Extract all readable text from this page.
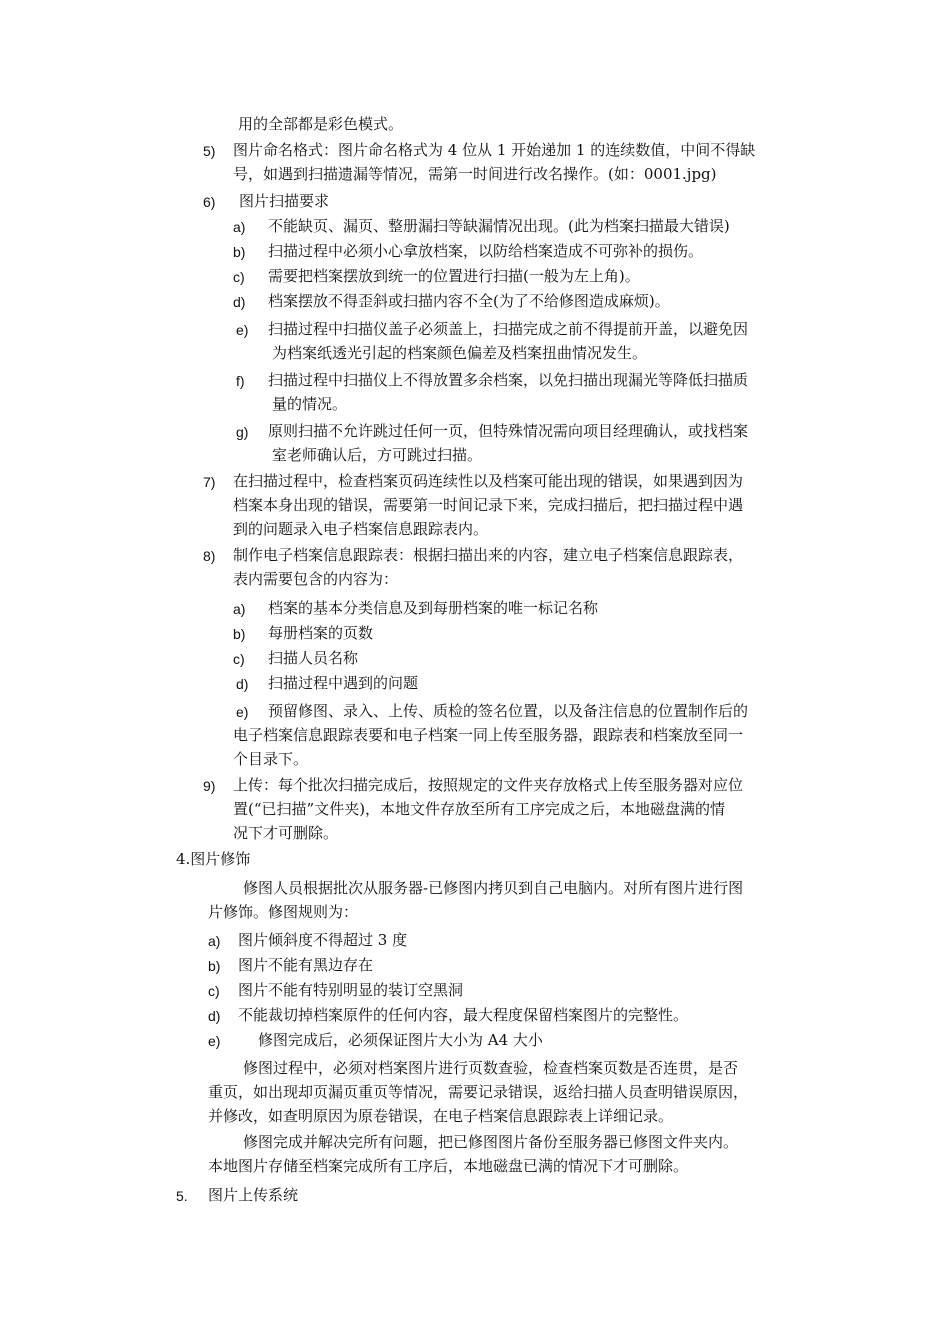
用的全部都是彩色模式。
5) 图片命名格式：图片命名格式为 4 位从 1 开始递加 1 的连续数值，中间不得缺
号，如遇到扫描遗漏等情况，需第一时间进行改名操作。(如：0001.jpg)
6) 图片扫描要求
a) 不能缺页、漏页、整册漏扫等缺漏情况出现。(此为档案扫描最大错误)
b) 扫描过程中必须小心拿放档案，以防给档案造成不可弥补的损伤。
c) 需要把档案摆放到统一的位置进行扫描(一般为左上角)。
d) 档案摆放不得歪斜或扫描内容不全(为了不给修图造成麻烦)。
e) 扫描过程中扫描仪盖子必须盖上，扫描完成之前不得提前开盖，以避免因
为档案纸透光引起的档案颜色偏差及档案扭曲情况发生。
f) 扫描过程中扫描仪上不得放置多余档案，以免扫描出现漏光等降低扫描质
量的情况。
g) 原则扫描不允许跳过任何一页，但特殊情况需向项目经理确认，或找档案
室老师确认后，方可跳过扫描。
7) 在扫描过程中，检查档案页码连续性以及档案可能出现的错误，如果遇到因为
档案本身出现的错误，需要第一时间记录下来，完成扫描后，把扫描过程中遇
到的问题录入电子档案信息跟踪表内。
8) 制作电子档案信息跟踪表：根据扫描出来的内容，建立电子档案信息跟踪表，
表内需要包含的内容为：
a) 档案的基本分类信息及到每册档案的唯一标记名称
b) 每册档案的页数
c) 扫描人员名称
d) 扫描过程中遇到的问题
e) 预留修图、录入、上传、质检的签名位置，以及备注信息的位置制作后的
电子档案信息跟踪表要和电子档案一同上传至服务器，跟踪表和档案放至同一
个目录下。
9) 上传：每个批次扫描完成后，按照规定的文件夹存放格式上传至服务器对应位
置(“已扫描”文件夹)，本地文件存放至所有工序完成之后，本地磁盘满的情
况下才可删除。
4.图片修饰
修图人员根据批次从服务器-已修图内拷贝到自己电脑内。对所有图片进行图
片修饰。修图规则为：
a) 图片倾斜度不得超过 3 度
b) 图片不能有黑边存在
c) 图片不能有特别明显的装订空黑洞
d) 不能裁切掉档案原件的任何内容，最大程度保留档案图片的完整性。
e)	修图完成后，必须保证图片大小为 A4 大小
修图过程中，必须对档案图片进行页数查验，检查档案页数是否连贯，是否
重页，如出现却页漏页重页等情况，需要记录错误，返给扫描人员查明错误原因，
并修改，如查明原因为原卷错误，在电子档案信息跟踪表上详细记录。
修图完成并解决完所有问题，把已修图图片备份至服务器已修图文件夹内。
本地图片存储至档案完成所有工序后，本地磁盘已满的情况下才可删除。
5. 图片上传系统
